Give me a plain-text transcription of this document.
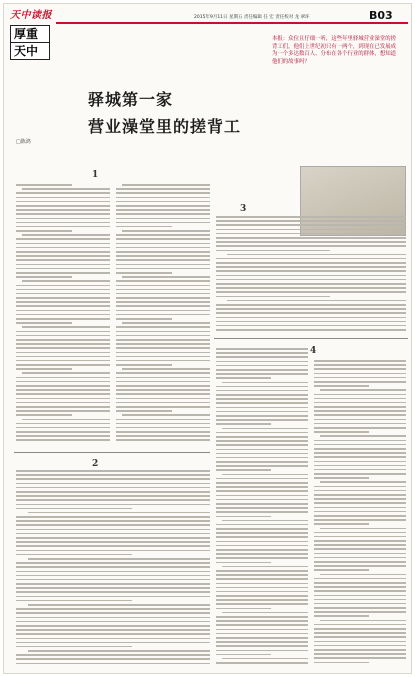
天中读报
厚重
天中
2015年9月11日 星期五 责任编辑 任 宏 责任校对 龙 翠环	B03
本报：众位且仔细一听，这些年里驿城营业澡堂的搓背工们，他们上世纪初只有一两个，到现在已发展成为一个多达数百人、分布在各个行业的群体，想知道他们的故事吗？
驿城第一家
营业澡堂里的搓背工
□陈鸿
1
2
3
4
